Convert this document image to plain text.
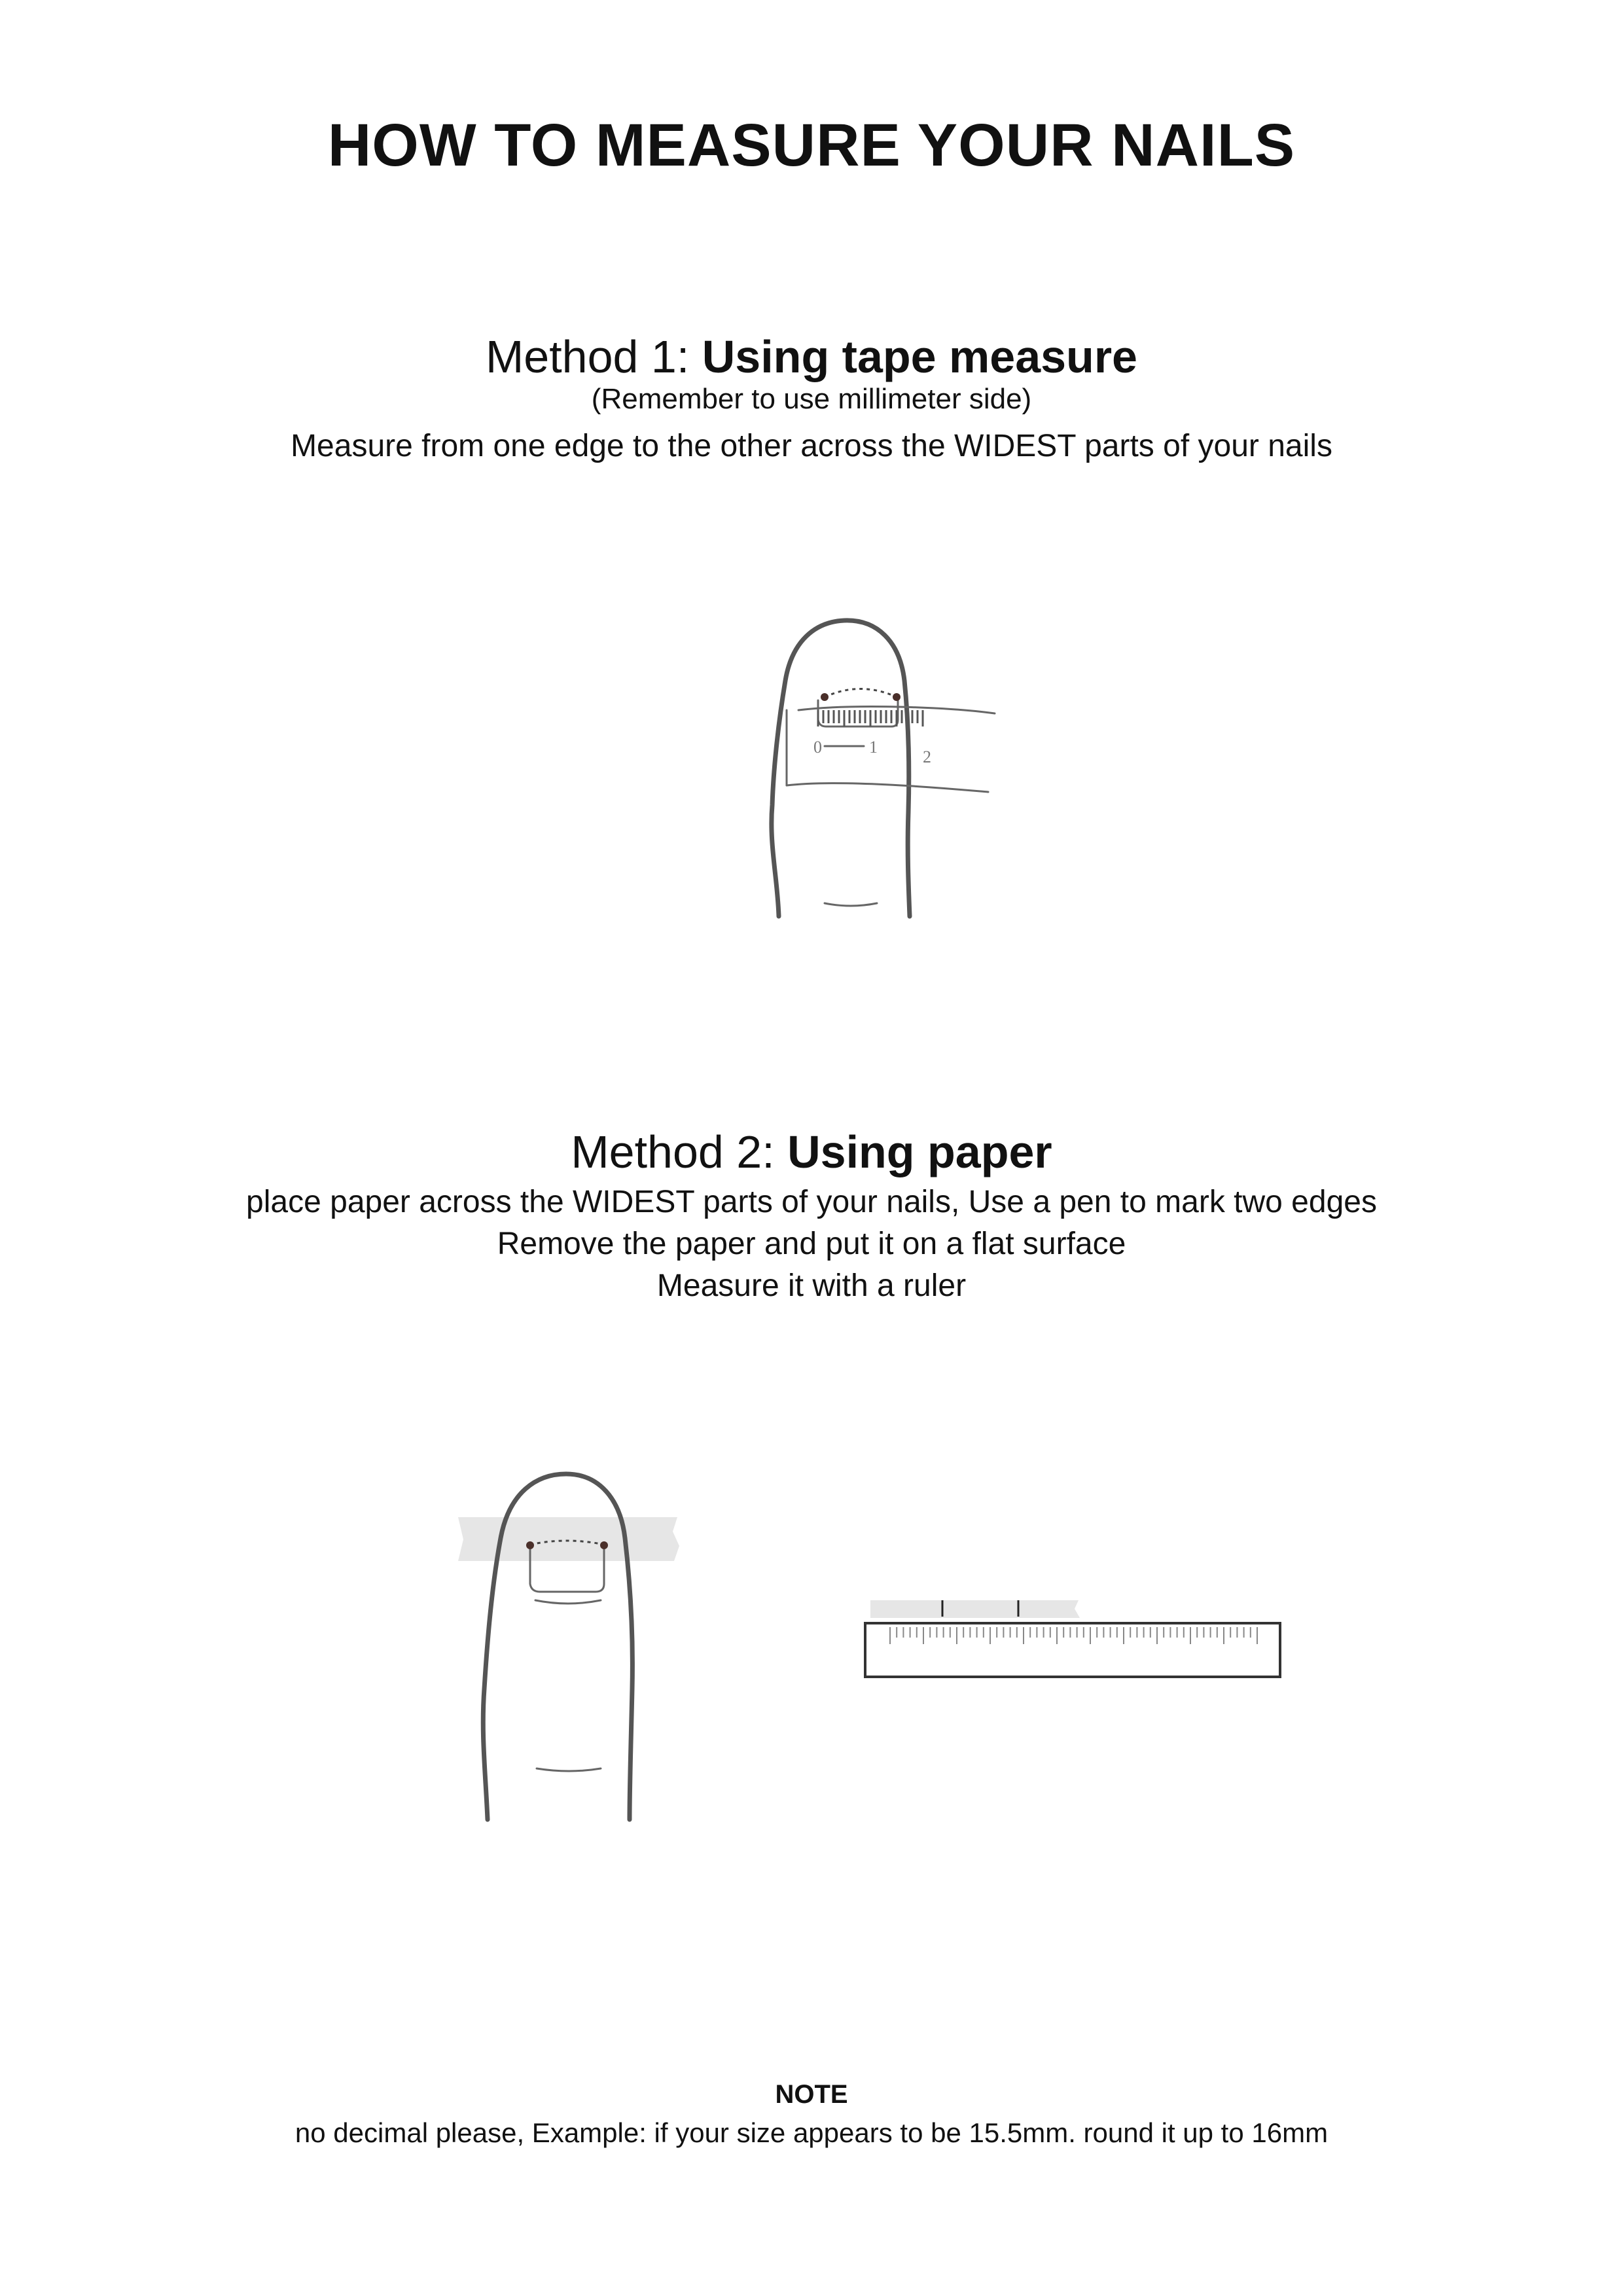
HOW TO MEASURE YOUR NAILS
Method 1: Using tape measure
(Remember to use millimeter side)
Measure from one edge to the other across the WIDEST parts of your nails
0	1
2
Method 2: Using paper
place paper across the WIDEST parts of your nails, Use a pen to mark two edges
Remove the paper and put it on a flat surface
Measure it with a ruler
NOTE
no decimal please, Example: if your size appears to be 15.5mm. round it up to 16mm
